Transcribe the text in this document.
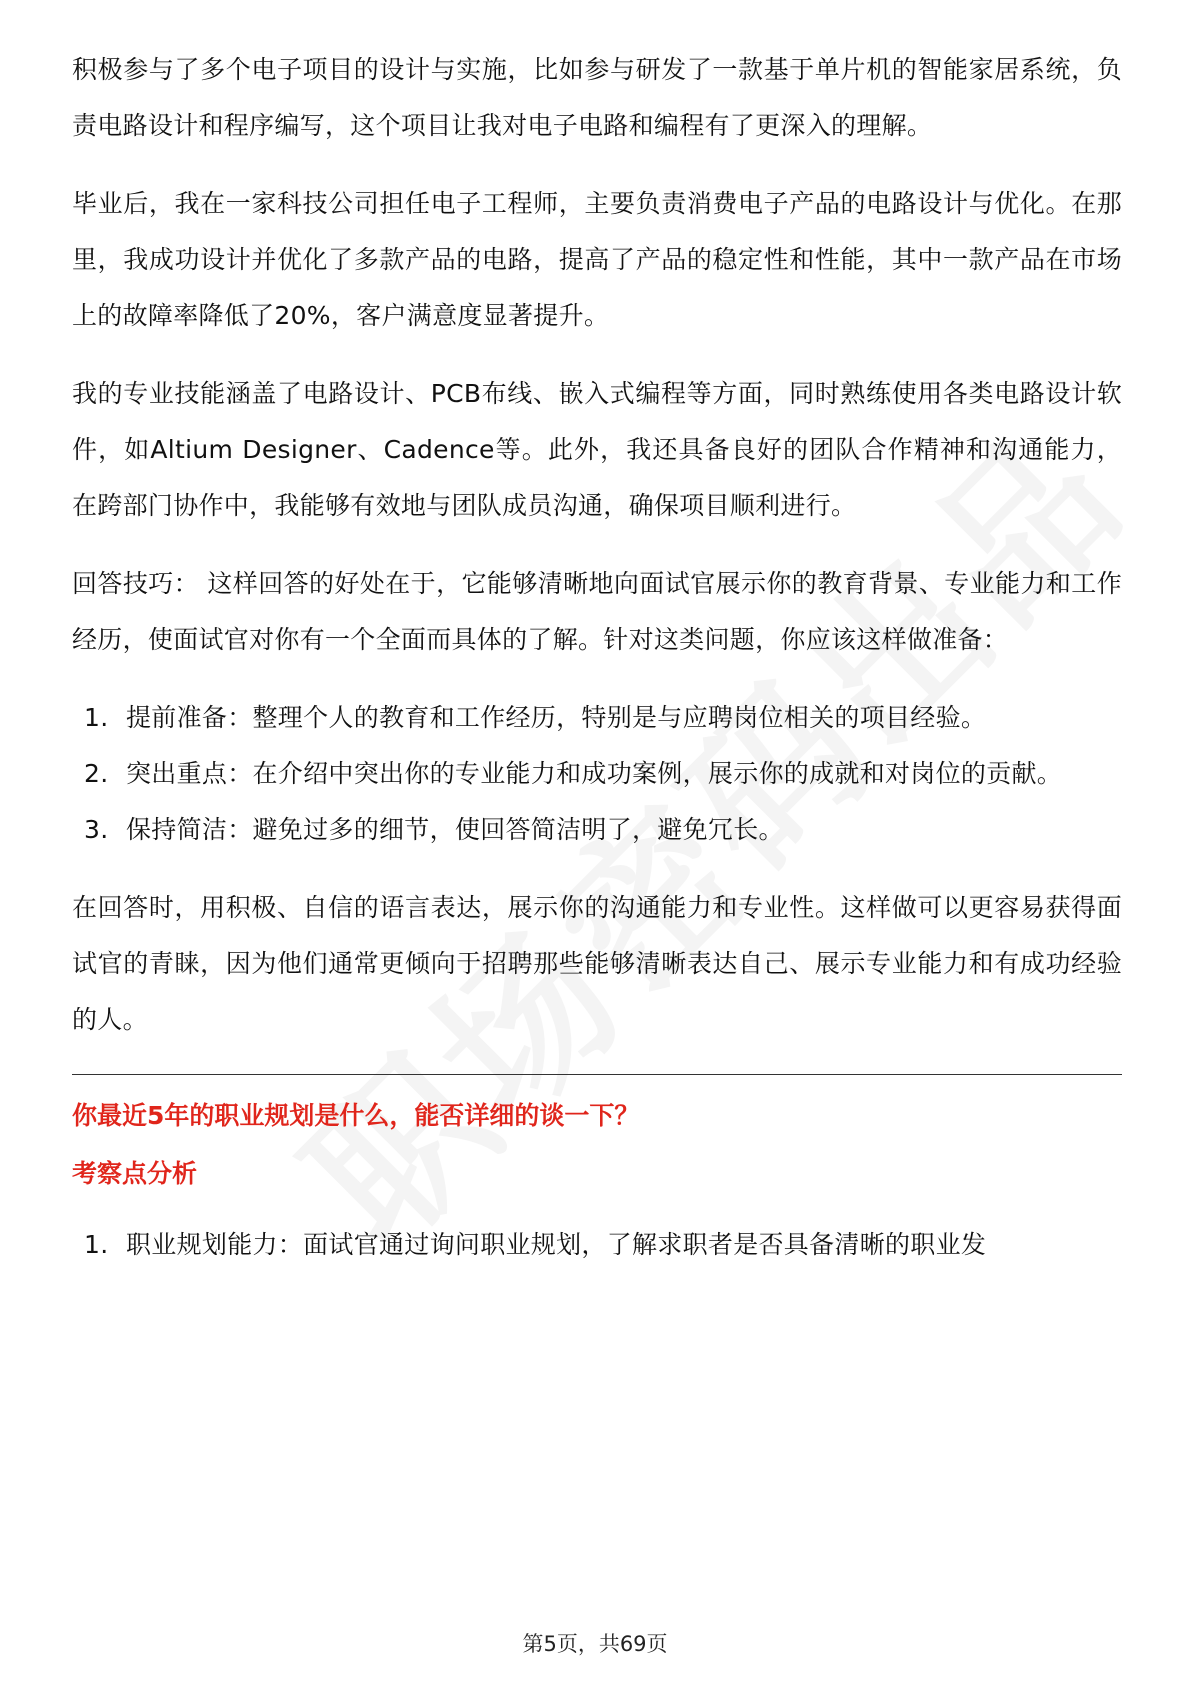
积极参与了多个电子项目的设计与实施，比如参与研发了一款基于单片机的智能家居系统，负责电路设计和程序编写，这个项目让我对电子电路和编程有了更深入的理解。

毕业后，我在一家科技公司担任电子工程师，主要负责消费电子产品的电路设计与优化。在那里，我成功设计并优化了多款产品的电路，提高了产品的稳定性和性能，其中一款产品在市场上的故障率降低了20%，客户满意度显著提升。

我的专业技能涵盖了电路设计、PCB布线、嵌入式编程等方面，同时熟练使用各类电路设计软件，如Altium Designer、Cadence等。此外，我还具备良好的团队合作精神和沟通能力，在跨部门协作中，我能够有效地与团队成员沟通，确保项目顺利进行。

回答技巧： 这样回答的好处在于，它能够清晰地向面试官展示你的教育背景、专业能力和工作经历，使面试官对你有一个全面而具体的了解。针对这类问题，你应该这样做准备：

1. 提前准备：整理个人的教育和工作经历，特别是与应聘岗位相关的项目经验。
2. 突出重点：在介绍中突出你的专业能力和成功案例，展示你的成就和对岗位的贡献。
3. 保持简洁：避免过多的细节，使回答简洁明了，避免冗长。

在回答时，用积极、自信的语言表达，展示你的沟通能力和专业性。这样做可以更容易获得面试官的青睐，因为他们通常更倾向于招聘那些能够清晰表达自己、展示专业能力和有成功经验的人。

你最近5年的职业规划是什么，能否详细的谈一下？
考察点分析
1. 职业规划能力：面试官通过询问职业规划，了解求职者是否具备清晰的职业发
第5页，共69页
